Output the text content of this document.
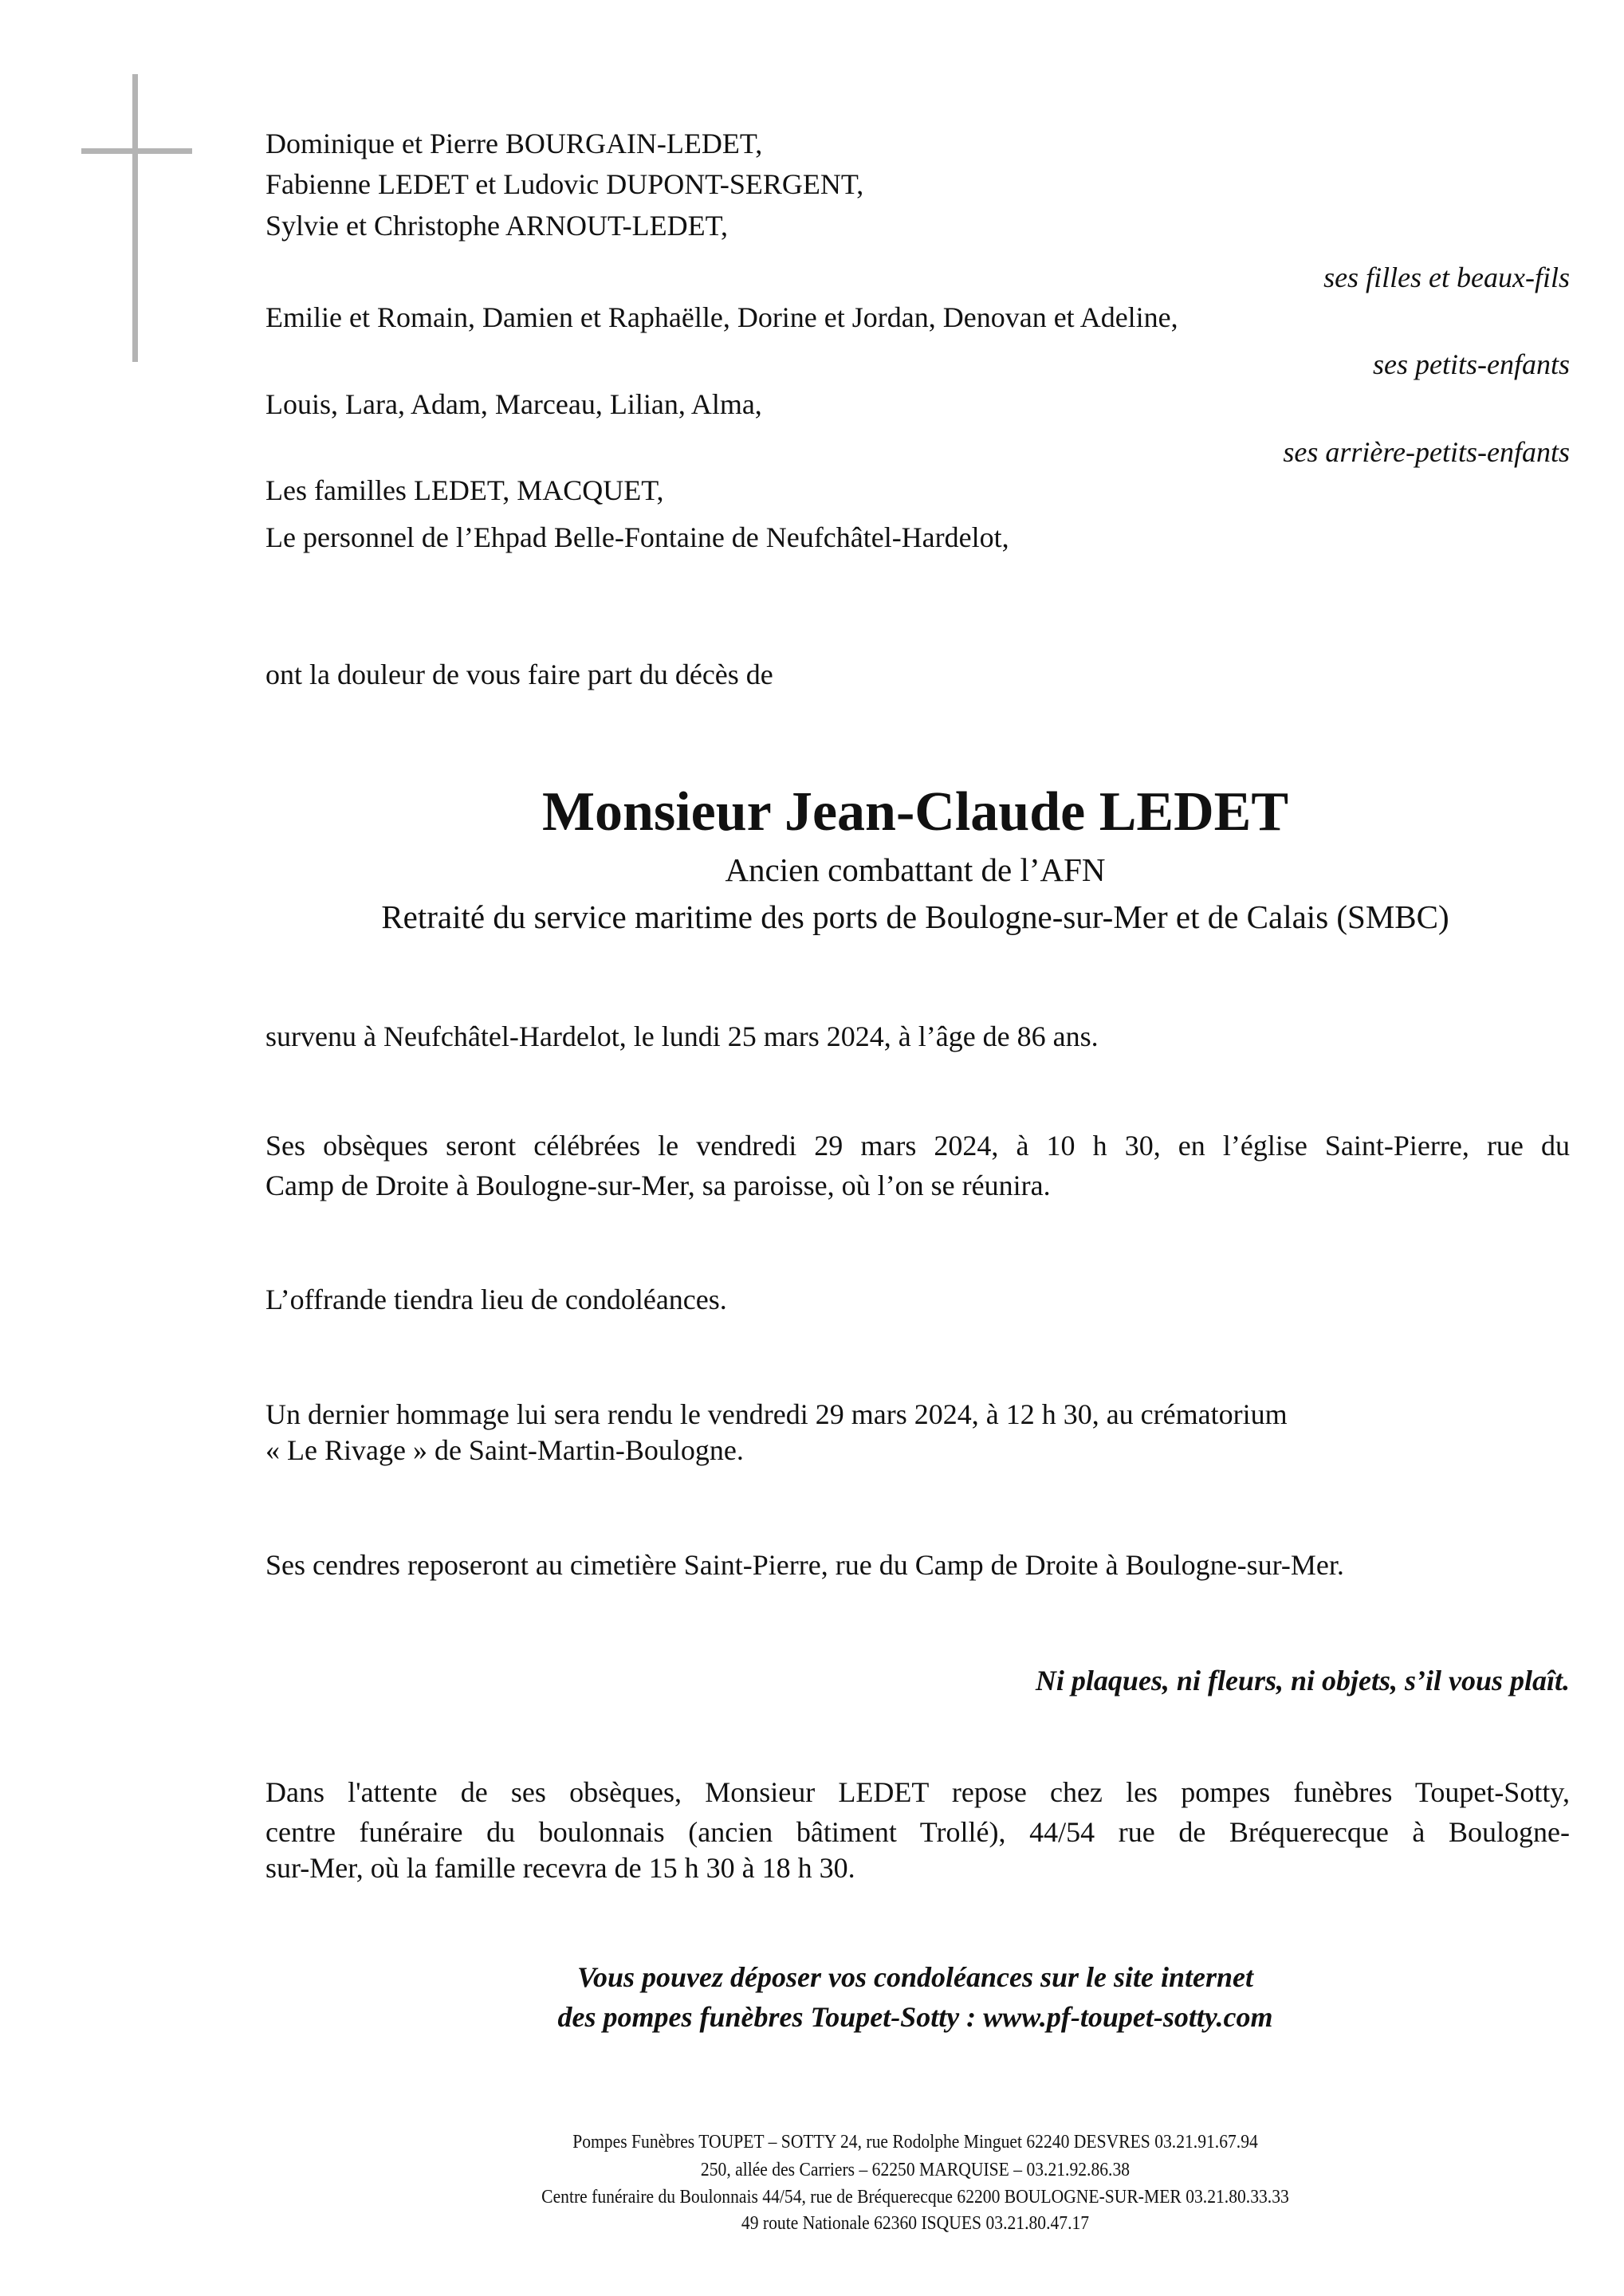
Dominique et Pierre BOURGAIN-LEDET,
Fabienne LEDET et Ludovic DUPONT-SERGENT,
Sylvie et Christophe ARNOUT-LEDET,
ses filles et beaux-fils
Emilie et Romain, Damien et Raphaëlle, Dorine et Jordan, Denovan et Adeline,
ses petits-enfants
Louis, Lara, Adam, Marceau, Lilian, Alma,
ses arrière-petits-enfants
Les familles LEDET, MACQUET,
Le personnel de l’Ehpad Belle-Fontaine de Neufchâtel-Hardelot,
ont la douleur de vous faire part du décès de
Monsieur Jean-Claude LEDET
Ancien combattant de l’AFN
Retraité du service maritime des ports de Boulogne-sur-Mer et de Calais (SMBC)
survenu à Neufchâtel-Hardelot, le lundi 25 mars 2024, à l’âge de 86 ans.
Ses obsèques seront célébrées le vendredi 29 mars 2024, à 10 h 30, en l’église Saint-Pierre, rue du
Camp de Droite à Boulogne-sur-Mer, sa paroisse, où l’on se réunira.
L’offrande tiendra lieu de condoléances.
Un dernier hommage lui sera rendu le vendredi 29 mars 2024, à 12 h 30, au crématorium
« Le Rivage » de Saint-Martin-Boulogne.
Ses cendres reposeront au cimetière Saint-Pierre, rue du Camp de Droite à Boulogne-sur-Mer.
Ni plaques, ni fleurs, ni objets, s’il vous plaît.
Dans l'attente de ses obsèques, Monsieur LEDET repose chez les pompes funèbres Toupet-Sotty,
centre funéraire du boulonnais (ancien bâtiment Trollé), 44/54 rue de Bréquerecque à Boulogne-
sur-Mer, où la famille recevra de 15 h 30 à 18 h 30.
Vous pouvez déposer vos condoléances sur le site internet
des pompes funèbres Toupet-Sotty : www.pf-toupet-sotty.com
Pompes Funèbres TOUPET – SOTTY 24, rue Rodolphe Minguet 62240 DESVRES 03.21.91.67.94
250, allée des Carriers – 62250 MARQUISE – 03.21.92.86.38
Centre funéraire du Boulonnais 44/54, rue de Bréquerecque 62200 BOULOGNE-SUR-MER 03.21.80.33.33
49 route Nationale 62360 ISQUES 03.21.80.47.17
